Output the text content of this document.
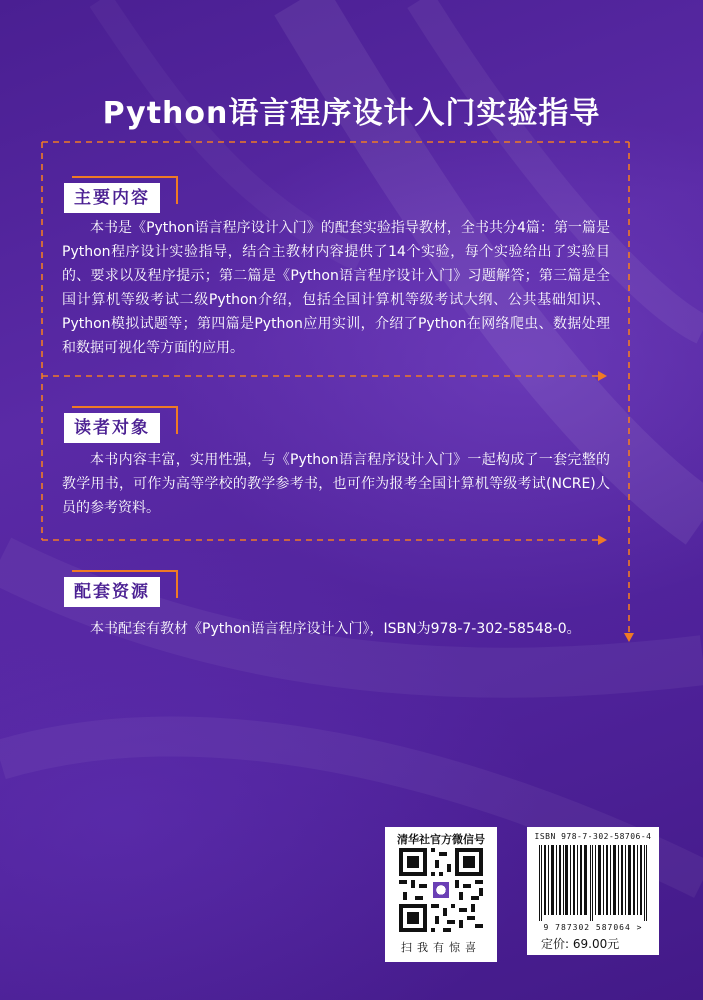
Python语言程序设计入门实验指导
主要内容
本书是《Python语言程序设计入门》的配套实验指导教材，全书共分4篇：第一篇是Python程序设计实验指导，结合主教材内容提供了14个实验，每个实验给出了实验目的、要求以及程序提示；第二篇是《Python语言程序设计入门》习题解答；第三篇是全国计算机等级考试二级Python介绍，包括全国计算机等级考试大纲、公共基础知识、Python模拟试题等；第四篇是Python应用实训，介绍了Python在网络爬虫、数据处理和数据可视化等方面的应用。
读者对象
本书内容丰富，实用性强，与《Python语言程序设计入门》一起构成了一套完整的教学用书，可作为高等学校的教学参考书，也可作为报考全国计算机等级考试(NCRE)人员的参考资料。
配套资源
本书配套有教材《Python语言程序设计入门》，ISBN为978-7-302-58548-0。
清华社官方微信号
扫我有惊喜
ISBN 978-7-302-58706-4
9 787302 587064 >
定价: 69.00元
